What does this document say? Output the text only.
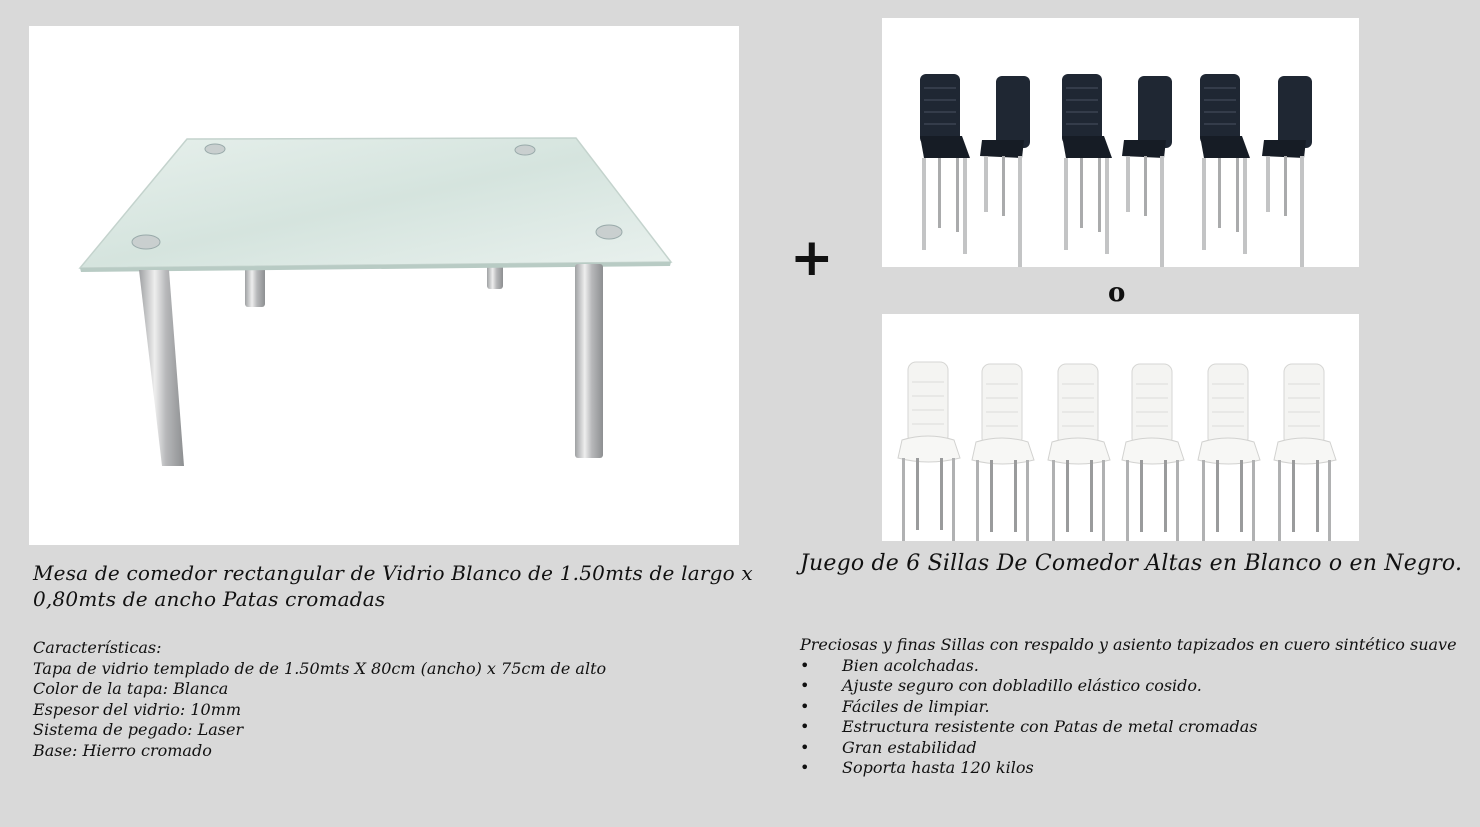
+
o
Mesa de comedor rectangular de Vidrio Blanco de 1.50mts de largo x 0,80mts de ancho Patas cromadas
Características:
Tapa de vidrio templado de de 1.50mts X 80cm (ancho) x 75cm de alto
Color de la tapa: Blanca
Espesor del vidrio: 10mm
Sistema de pegado: Laser
Base: Hierro cromado
Juego de 6 Sillas De Comedor Altas en Blanco o en Negro.
Preciosas y finas Sillas con respaldo y asiento tapizados en cuero sintético suave
• Bien acolchadas.
• Ajuste seguro con dobladillo elástico cosido.
• Fáciles de limpiar.
• Estructura resistente con Patas de metal cromadas
• Gran estabilidad
• Soporta hasta 120 kilos
